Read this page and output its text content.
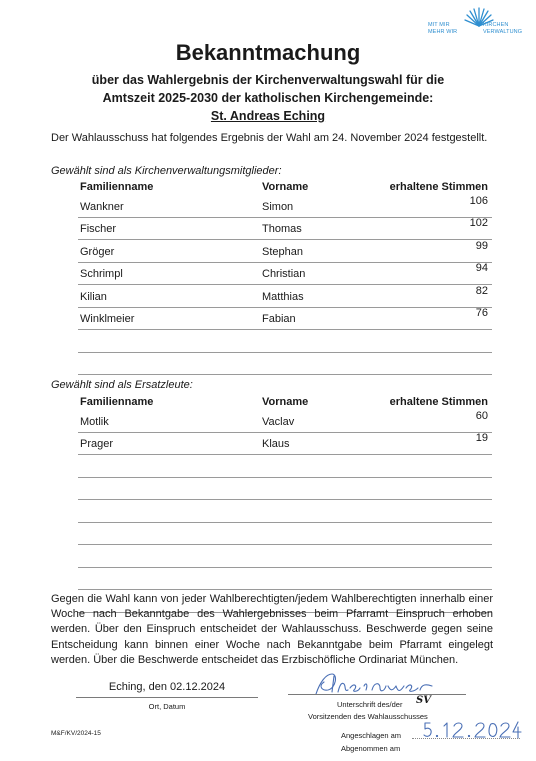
MIT MIR
MEHR WIR
KIRCHEN
VERWALTUNG
Bekanntmachung
über das Wahlergebnis der Kirchenverwaltungswahl für die
Amtszeit 2025-2030 der katholischen Kirchengemeinde:
St. Andreas Eching
Der Wahlausschuss hat folgendes Ergebnis der Wahl am 24. November 2024 festgestellt.
Gewählt sind als Kirchenverwaltungsmitglieder:
Familienname	Vorname	erhaltene Stimmen
Wankner	Simon	106
Fischer	Thomas	102
Gröger	Stephan	99
Schrimpl	Christian	94
Kilian	Matthias	82
Winklmeier	Fabian	76
Gewählt sind als Ersatzleute:
Familienname	Vorname	erhaltene Stimmen
Motlik	Vaclav	60
Prager	Klaus	19
Gegen die Wahl kann von jeder Wahlberechtigten/jedem Wahlberechtigten innerhalb einer Woche nach Bekanntgabe des Wahlergebnisses beim Pfarramt Einspruch erhoben werden. Über den Einspruch entscheidet der Wahlausschuss. Beschwerde gegen seine Entscheidung kann binnen einer Woche nach Bekanntgabe beim Pfarramt eingelegt werden. Über die Beschwerde entscheidet das Erzbischöfliche Ordinariat München.
Eching, den 02.12.2024
Ort, Datum	Unterschrift des/der SV
Vorsitzenden des Wahlausschusses
Angeschlagen am
Abgenommen am
M&F/KV/2024-15
